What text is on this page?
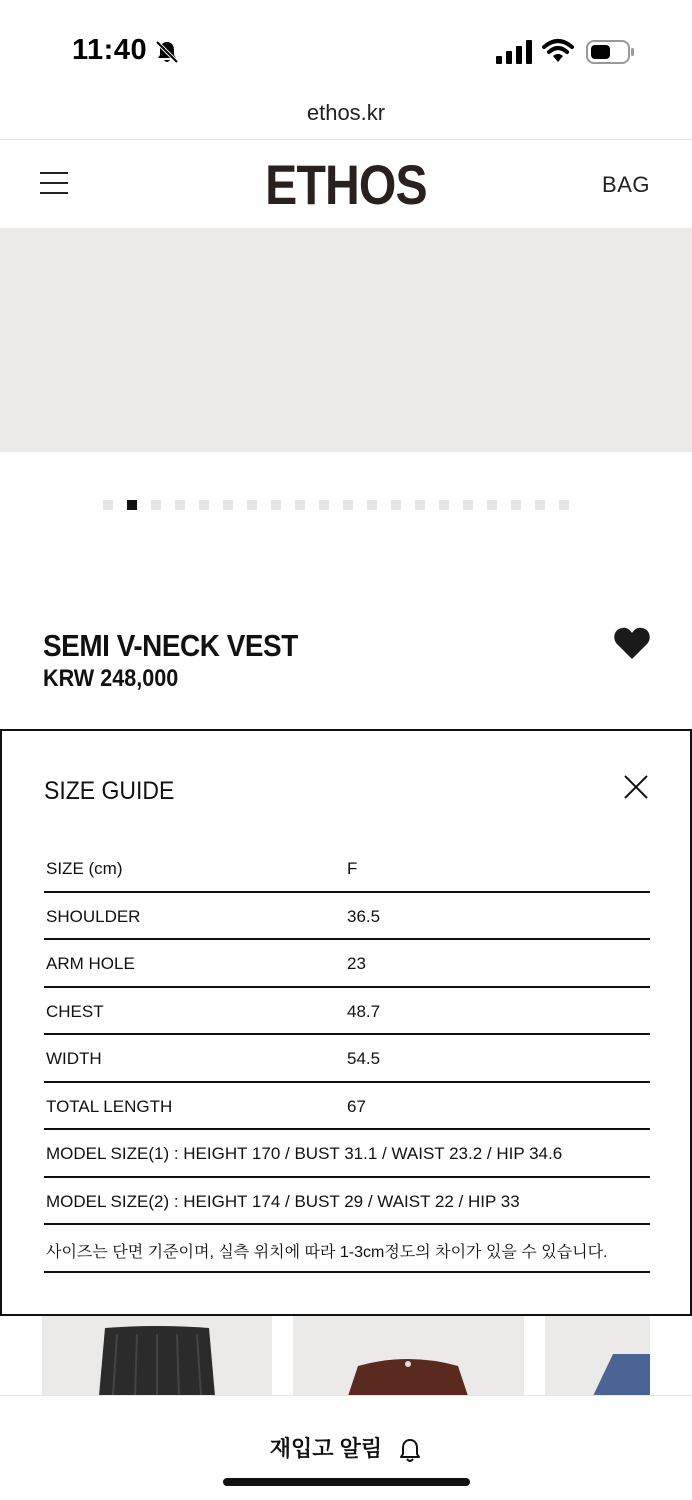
11:40
ethos.kr
ETHOS	BAG
SEMI V-NECK VEST
KRW 248,000
SIZE GUIDE
SIZE (cm)	F
SHOULDER	36.5
ARM HOLE	23
CHEST	48.7
WIDTH	54.5
TOTAL LENGTH	67
MODEL SIZE(1) : HEIGHT 170 / BUST 31.1 / WAIST 23.2 / HIP 34.6
MODEL SIZE(2) : HEIGHT 174 / BUST 29 / WAIST 22 / HIP 33
사이즈는 단면 기준이며, 실측 위치에 따라 1-3cm정도의 차이가 있을 수 있습니다.
재입고 알림
